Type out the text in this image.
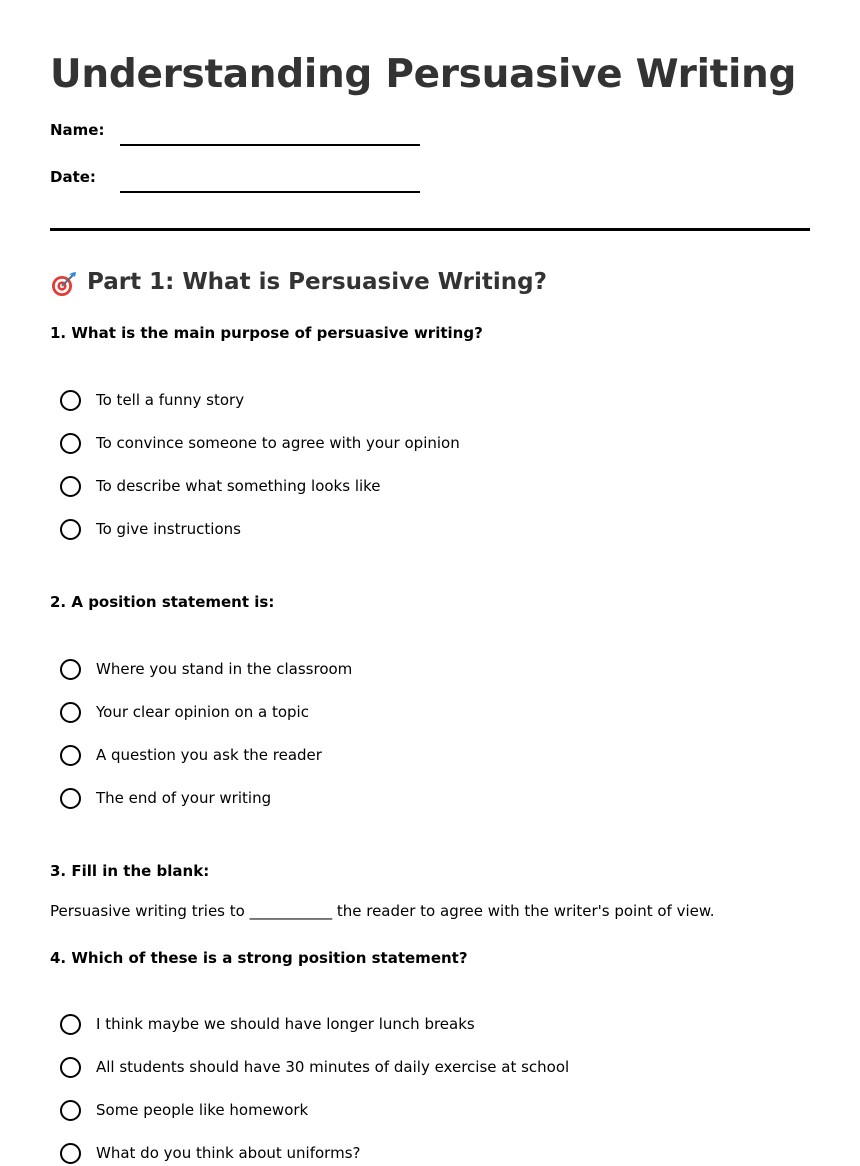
Understanding Persuasive Writing
Name:
Date:
Part 1: What is Persuasive Writing?
1. What is the main purpose of persuasive writing?
To tell a funny story
To convince someone to agree with your opinion
To describe what something looks like
To give instructions
2. A position statement is:
Where you stand in the classroom
Your clear opinion on a topic
A question you ask the reader
The end of your writing
3. Fill in the blank:
Persuasive writing tries to ___________ the reader to agree with the writer's point of view.
4. Which of these is a strong position statement?
I think maybe we should have longer lunch breaks
All students should have 30 minutes of daily exercise at school
Some people like homework
What do you think about uniforms?
